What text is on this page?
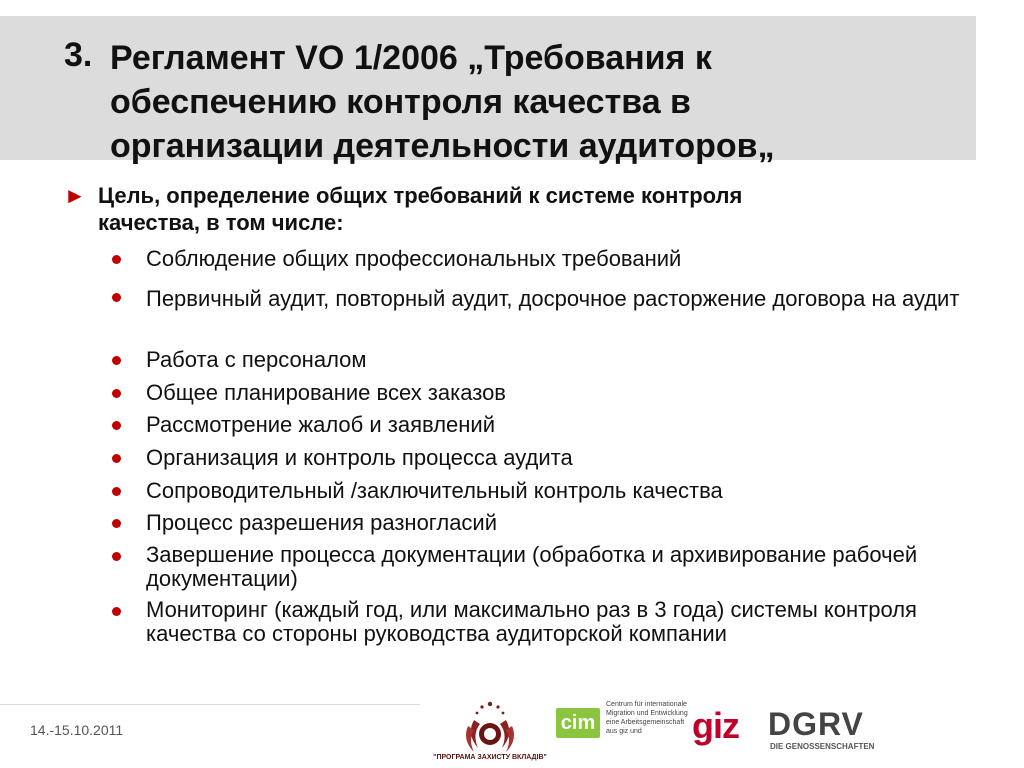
3. Регламент VO 1/2006 „Требования к
обеспечению контроля качества в
организации деятельности аудиторов„
► Цель, определение общих требований к системе контроля
качества, в том числе:
Соблюдение общих профессиональных требований
Первичный аудит, повторный аудит, досрочное расторжение договора на аудит
Работа с персоналом
Общее планирование всех заказов
Рассмотрение жалоб и заявлений
Организация и контроль процесса аудита
Сопроводительный /заключительный контроль качества
Процесс разрешения разногласий
Завершение процесса документации (обработка и архивирование рабочей документации)
Мониторинг (каждый год, или максимально раз в 3 года) системы контроля качества со стороны руководства аудиторской компании
14.-15.10.2011
"ПРОГРАМА ЗАХИСТУ ВКЛАДІВ"
cim
Centrum für internationale Migration und Entwicklung
eine Arbeitsgemeinschaft aus giz und	giz DGRV
DIE GENOSSENSCHAFTEN
